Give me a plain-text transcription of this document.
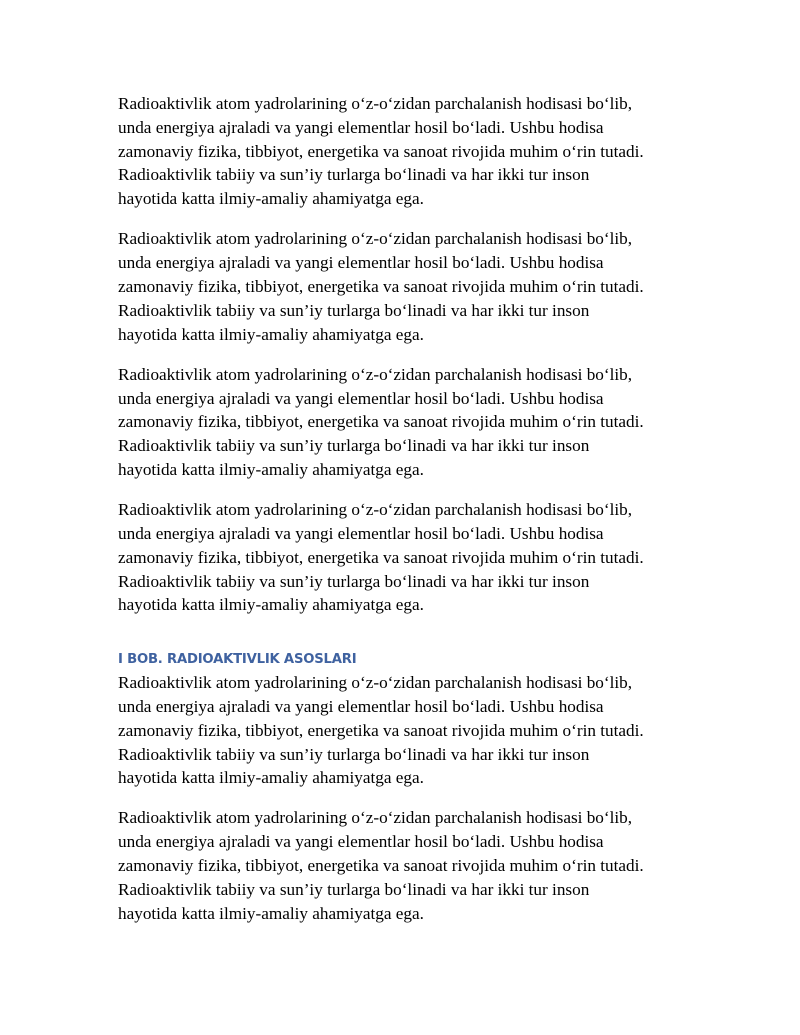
Radioaktivlik atom yadrolarining oʻz-oʻzidan parchalanish hodisasi boʻlib,
unda energiya ajraladi va yangi elementlar hosil boʻladi. Ushbu hodisa
zamonaviy fizika, tibbiyot, energetika va sanoat rivojida muhim oʻrin tutadi.
Radioaktivlik tabiiy va sun’iy turlarga boʻlinadi va har ikki tur inson
hayotida katta ilmiy-amaliy ahamiyatga ega.

Radioaktivlik atom yadrolarining oʻz-oʻzidan parchalanish hodisasi boʻlib,
unda energiya ajraladi va yangi elementlar hosil boʻladi. Ushbu hodisa
zamonaviy fizika, tibbiyot, energetika va sanoat rivojida muhim oʻrin tutadi.
Radioaktivlik tabiiy va sun’iy turlarga boʻlinadi va har ikki tur inson
hayotida katta ilmiy-amaliy ahamiyatga ega.

Radioaktivlik atom yadrolarining oʻz-oʻzidan parchalanish hodisasi boʻlib,
unda energiya ajraladi va yangi elementlar hosil boʻladi. Ushbu hodisa
zamonaviy fizika, tibbiyot, energetika va sanoat rivojida muhim oʻrin tutadi.
Radioaktivlik tabiiy va sun’iy turlarga boʻlinadi va har ikki tur inson
hayotida katta ilmiy-amaliy ahamiyatga ega.

Radioaktivlik atom yadrolarining oʻz-oʻzidan parchalanish hodisasi boʻlib,
unda energiya ajraladi va yangi elementlar hosil boʻladi. Ushbu hodisa
zamonaviy fizika, tibbiyot, energetika va sanoat rivojida muhim oʻrin tutadi.
Radioaktivlik tabiiy va sun’iy turlarga boʻlinadi va har ikki tur inson
hayotida katta ilmiy-amaliy ahamiyatga ega.

I BOB. RADIOAKTIVLIK ASOSLARI

Radioaktivlik atom yadrolarining oʻz-oʻzidan parchalanish hodisasi boʻlib,
unda energiya ajraladi va yangi elementlar hosil boʻladi. Ushbu hodisa
zamonaviy fizika, tibbiyot, energetika va sanoat rivojida muhim oʻrin tutadi.
Radioaktivlik tabiiy va sun’iy turlarga boʻlinadi va har ikki tur inson
hayotida katta ilmiy-amaliy ahamiyatga ega.

Radioaktivlik atom yadrolarining oʻz-oʻzidan parchalanish hodisasi boʻlib,
unda energiya ajraladi va yangi elementlar hosil boʻladi. Ushbu hodisa
zamonaviy fizika, tibbiyot, energetika va sanoat rivojida muhim oʻrin tutadi.
Radioaktivlik tabiiy va sun’iy turlarga boʻlinadi va har ikki tur inson
hayotida katta ilmiy-amaliy ahamiyatga ega.
